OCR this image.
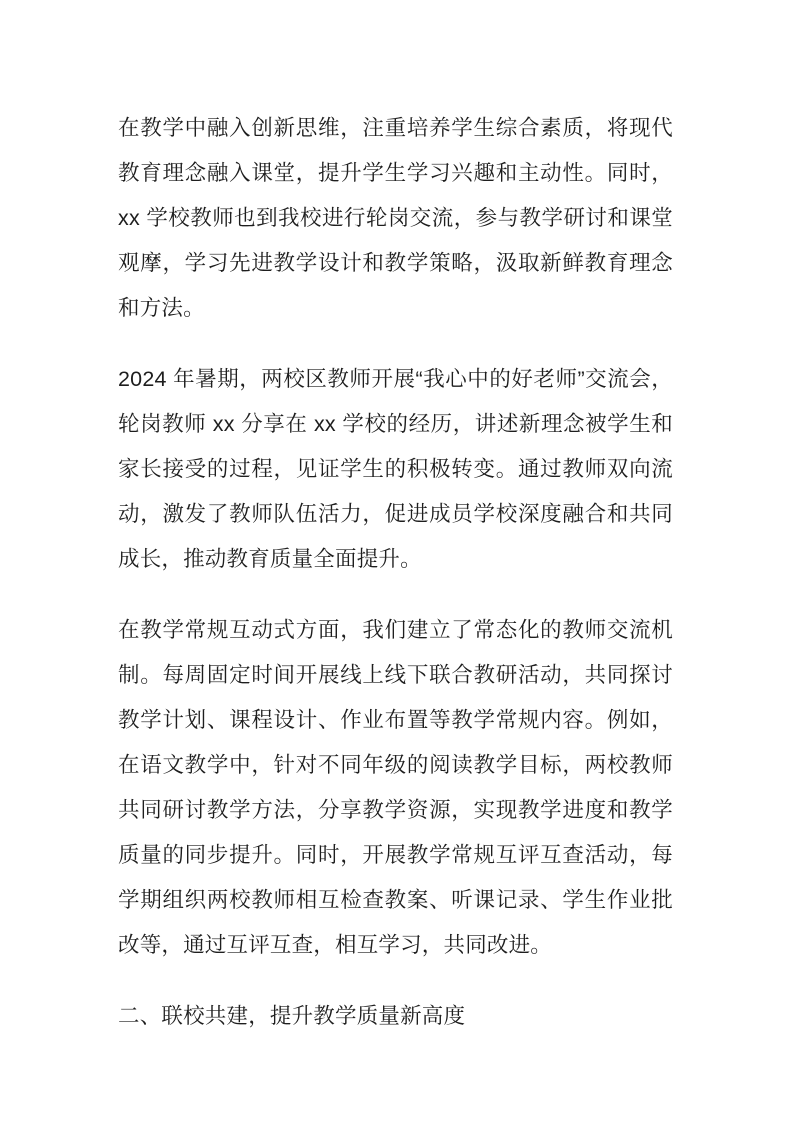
在教学中融入创新思维，注重培养学生综合素质，将现代教育理念融入课堂，提升学生学习兴趣和主动性。同时，xx 学校教师也到我校进行轮岗交流，参与教学研讨和课堂观摩，学习先进教学设计和教学策略，汲取新鲜教育理念和方法。

2024 年暑期，两校区教师开展“我心中的好老师”交流会，轮岗教师 xx 分享在 xx 学校的经历，讲述新理念被学生和家长接受的过程，见证学生的积极转变。通过教师双向流动，激发了教师队伍活力，促进成员学校深度融合和共同成长，推动教育质量全面提升。

在教学常规互动式方面，我们建立了常态化的教师交流机制。每周固定时间开展线上线下联合教研活动，共同探讨教学计划、课程设计、作业布置等教学常规内容。例如，在语文教学中，针对不同年级的阅读教学目标，两校教师共同研讨教学方法，分享教学资源，实现教学进度和教学质量的同步提升。同时，开展教学常规互评互查活动，每学期组织两校教师相互检查教案、听课记录、学生作业批改等，通过互评互查，相互学习，共同改进。

二、联校共建，提升教学质量新高度
